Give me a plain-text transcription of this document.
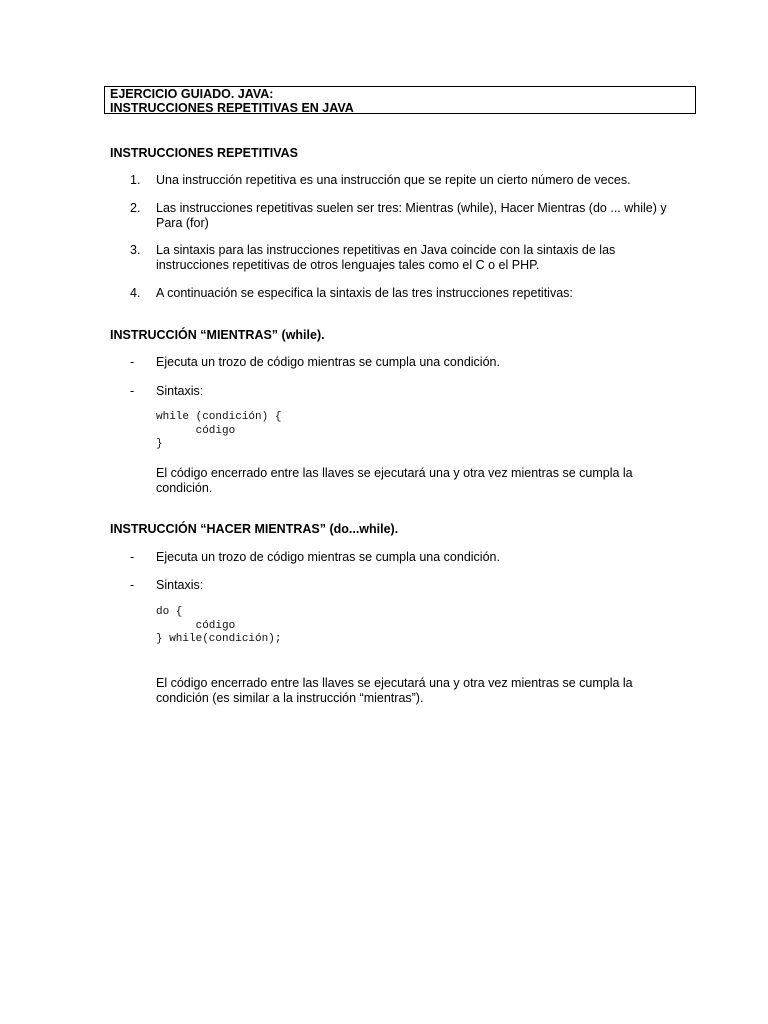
EJERCICIO GUIADO. JAVA:
INSTRUCCIONES REPETITIVAS EN JAVA
INSTRUCCIONES REPETITIVAS
1. Una instrucción repetitiva es una instrucción que se repite un cierto número de veces.
2. Las instrucciones repetitivas suelen ser tres: Mientras (while), Hacer Mientras (do ... while) y Para (for)
3. La sintaxis para las instrucciones repetitivas en Java coincide con la sintaxis de las instrucciones repetitivas de otros lenguajes tales como el C o el PHP.
4. A continuación se especifica la sintaxis de las tres instrucciones repetitivas:
INSTRUCCIÓN “MIENTRAS” (while).
- Ejecuta un trozo de código mientras se cumpla una condición.
- Sintaxis:
while (condición) {
código
}
El código encerrado entre las llaves se ejecutará una y otra vez mientras se cumpla la condición.
INSTRUCCIÓN “HACER MIENTRAS” (do...while).
- Ejecuta un trozo de código mientras se cumpla una condición.
- Sintaxis:
do {
código
} while(condición);
El código encerrado entre las llaves se ejecutará una y otra vez mientras se cumpla la condición (es similar a la instrucción “mientras”).
